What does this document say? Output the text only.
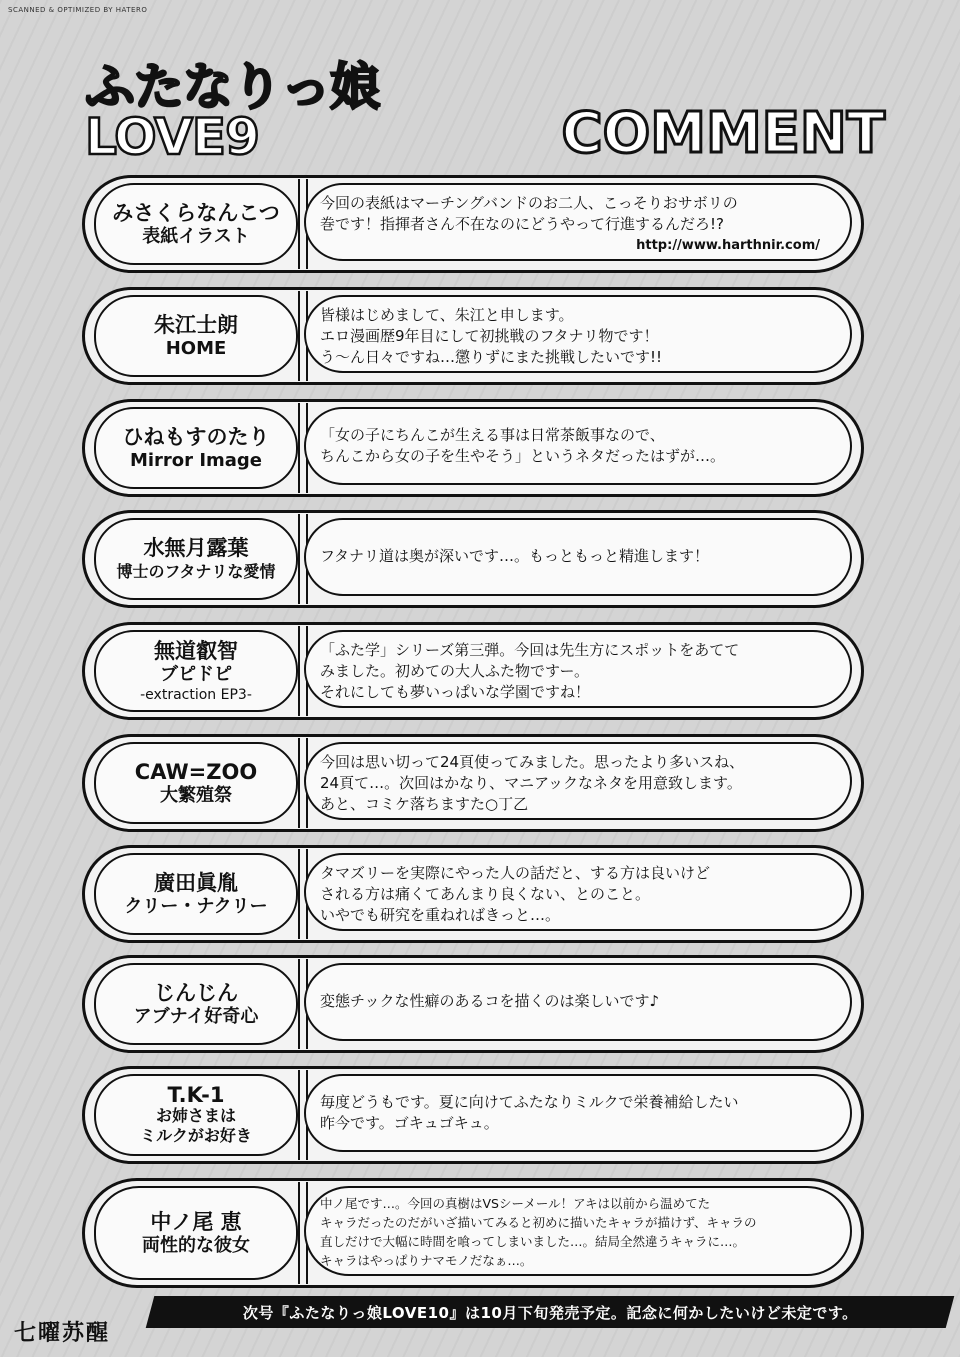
​
SCANNED & OPTIMIZED BY HATERO
ふたなりっ娘LOVE9	COMMENT
みさくらなんこつ
表紙イラスト
今回の表紙はマーチングバンドのお二人、こっそりおサボリの
巻です！指揮者さん不在なのにどうやって行進するんだろ!?
http://www.harthnir.com/
朱江士朗
HOME
皆様はじめまして、朱江と申します。
エロ漫画歴9年目にして初挑戦のフタナリ物です！
う〜ん日々ですね…懲りずにまた挑戦したいです!!
ひねもすのたり
Mirror Image
「女の子にちんこが生える事は日常茶飯事なので、
ちんこから女の子を生やそう」というネタだったはずが…。
水無月露葉
博士のフタナリな愛情
フタナリ道は奥が深いです…。もっともっと精進します！
無道叡智
ブピドピ
-extraction EP3-
「ふた学」シリーズ第三弾。今回は先生方にスポットをあてて
みました。初めての大人ふた物ですー。
それにしても夢いっぱいな学園ですね！
CAW=ZOO
大繁殖祭
今回は思い切って24頁使ってみました。思ったより多いスね、
24頁て…。次回はかなり、マニアックなネタを用意致します。
あと、コミケ落ちますた○丁乙
廣田眞胤
クリー・ナクリー
タマズリーを実際にやった人の話だと、する方は良いけど
される方は痛くてあんまり良くない、とのこと。
いやでも研究を重ねればきっと…。
じんじん
アブナイ好奇心
変態チックな性癖のあるコを描くのは楽しいです♪
T.K-1
お姉さまは
ミルクがお好き
毎度どうもです。夏に向けてふたなりミルクで栄養補給したい
昨今です。ゴキュゴキュ。
中ノ尾 恵
両性的な彼女
中ノ尾です…。今回の真樹はVSシーメール！アキは以前から温めてた
キャラだったのだがいざ描いてみると初めに描いたキャラが描けず、キャラの
直しだけで大幅に時間を喰ってしまいました…。結局全然違うキャラに…。
キャラはやっぱりナマモノだなぁ…。
次号『ふたなりっ娘LOVE10』は10月下旬発売予定。記念に何かしたいけど未定です。
七曜苏醒
